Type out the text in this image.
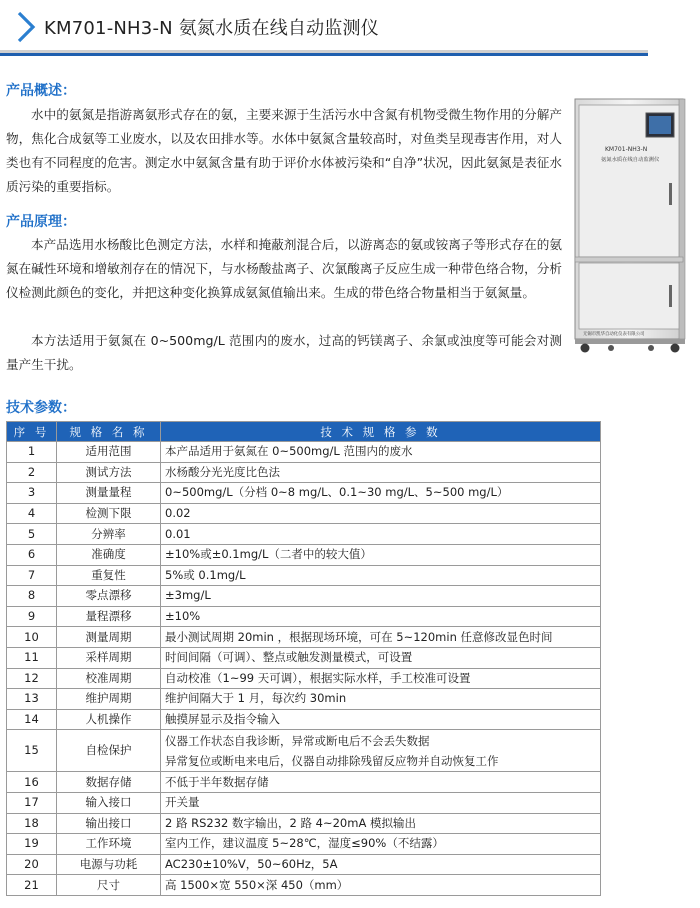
KM701-NH3-N 氨氮水质在线自动监测仪
产品概述：
水中的氨氮是指游离氨形式存在的氨，主要来源于生活污水中含氮有机物受微生物作用的分解产物，焦化合成氨等工业废水，以及农田排水等。水体中氨氮含量较高时，对鱼类呈现毒害作用，对人类也有不同程度的危害。测定水中氨氮含量有助于评价水体被污染和“自净”状况，因此氨氮是表征水质污染的重要指标。
产品原理：
本产品选用水杨酸比色测定方法，水样和掩蔽剂混合后，以游离态的氨或铵离子等形式存在的氨氮在碱性环境和增敏剂存在的情况下，与水杨酸盐离子、次氯酸离子反应生成一种带色络合物，分析仪检测此颜色的变化，并把这种变化换算成氨氮值输出来。生成的带色络合物量相当于氨氮量。
本方法适用于氨氮在 0~500mg/L 范围内的废水，过高的钙镁离子、余氯或浊度等可能会对测量产生干扰。
KM701-NH3-N
氨氮水质在线自动监测仪
无锡市凯华自动化仪表有限公司
技术参数：
序 号	规 格 名 称	技 术 规 格 参 数
1	适用范围	本产品适用于氨氮在 0~500mg/L 范围内的废水
2	测试方法	水杨酸分光光度比色法
3	测量量程	0~500mg/L（分档 0~8 mg/L、0.1~30 mg/L、5~500 mg/L）
4	检测下限	0.02
5	分辨率	0.01
6	准确度	±10%或±0.1mg/L（二者中的较大值）
7	重复性	5%或 0.1mg/L
8	零点漂移	±3mg/L
9	量程漂移	±10%
10	测量周期	最小测试周期 20min ，根据现场环境，可在 5~120min 任意修改显色时间
11	采样周期	时间间隔（可调）、整点或触发测量模式，可设置
12	校准周期	自动校准（1~99 天可调），根据实际水样，手工校准可设置
13	维护周期	维护间隔大于 1 月，每次约 30min
14	人机操作	触摸屏显示及指令输入
15	自检保护	仪器工作状态自我诊断，异常或断电后不会丢失数据
异常复位或断电来电后，仪器自动排除残留反应物并自动恢复工作

16	数据存储	不低于半年数据存储
17	输入接口	开关量
18	输出接口	2 路 RS232 数字输出，2 路 4~20mA 模拟输出
19	工作环境	室内工作，建议温度 5~28℃，湿度≤90%（不结露）
20	电源与功耗	AC230±10%V，50~60Hz，5A
21	尺寸	高 1500×宽 550×深 450（mm）
